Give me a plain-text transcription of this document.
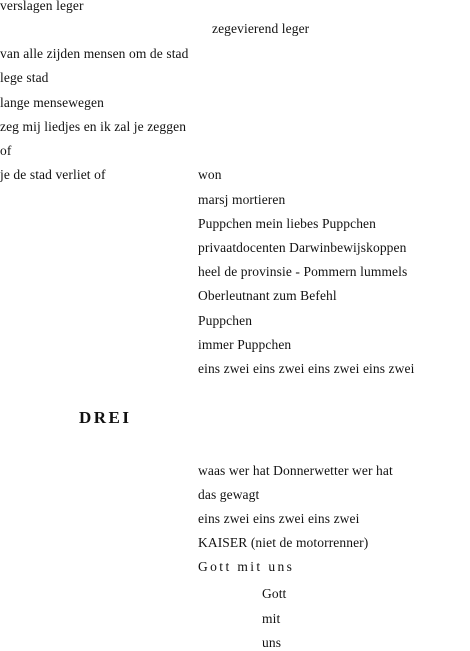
verslagen leger
zegevierend leger
van alle zijden mensen om de stad
lege stad
lange mensewegen
zeg mij liedjes en ik zal je zeggen
of
je de stad verliet of	won
marsj mortieren
Puppchen mein liebes Puppchen
privaatdocenten Darwinbewijskoppen
heel de provinsie - Pommern lummels
Oberleutnant zum Befehl
Puppchen
immer Puppchen
eins zwei eins zwei eins zwei eins zwei
DREI
waas wer hat Donnerwetter wer hat
das gewagt
eins zwei eins zwei eins zwei
KAISER (niet de motorrenner)
Gott mit uns
Gott
mit
uns
